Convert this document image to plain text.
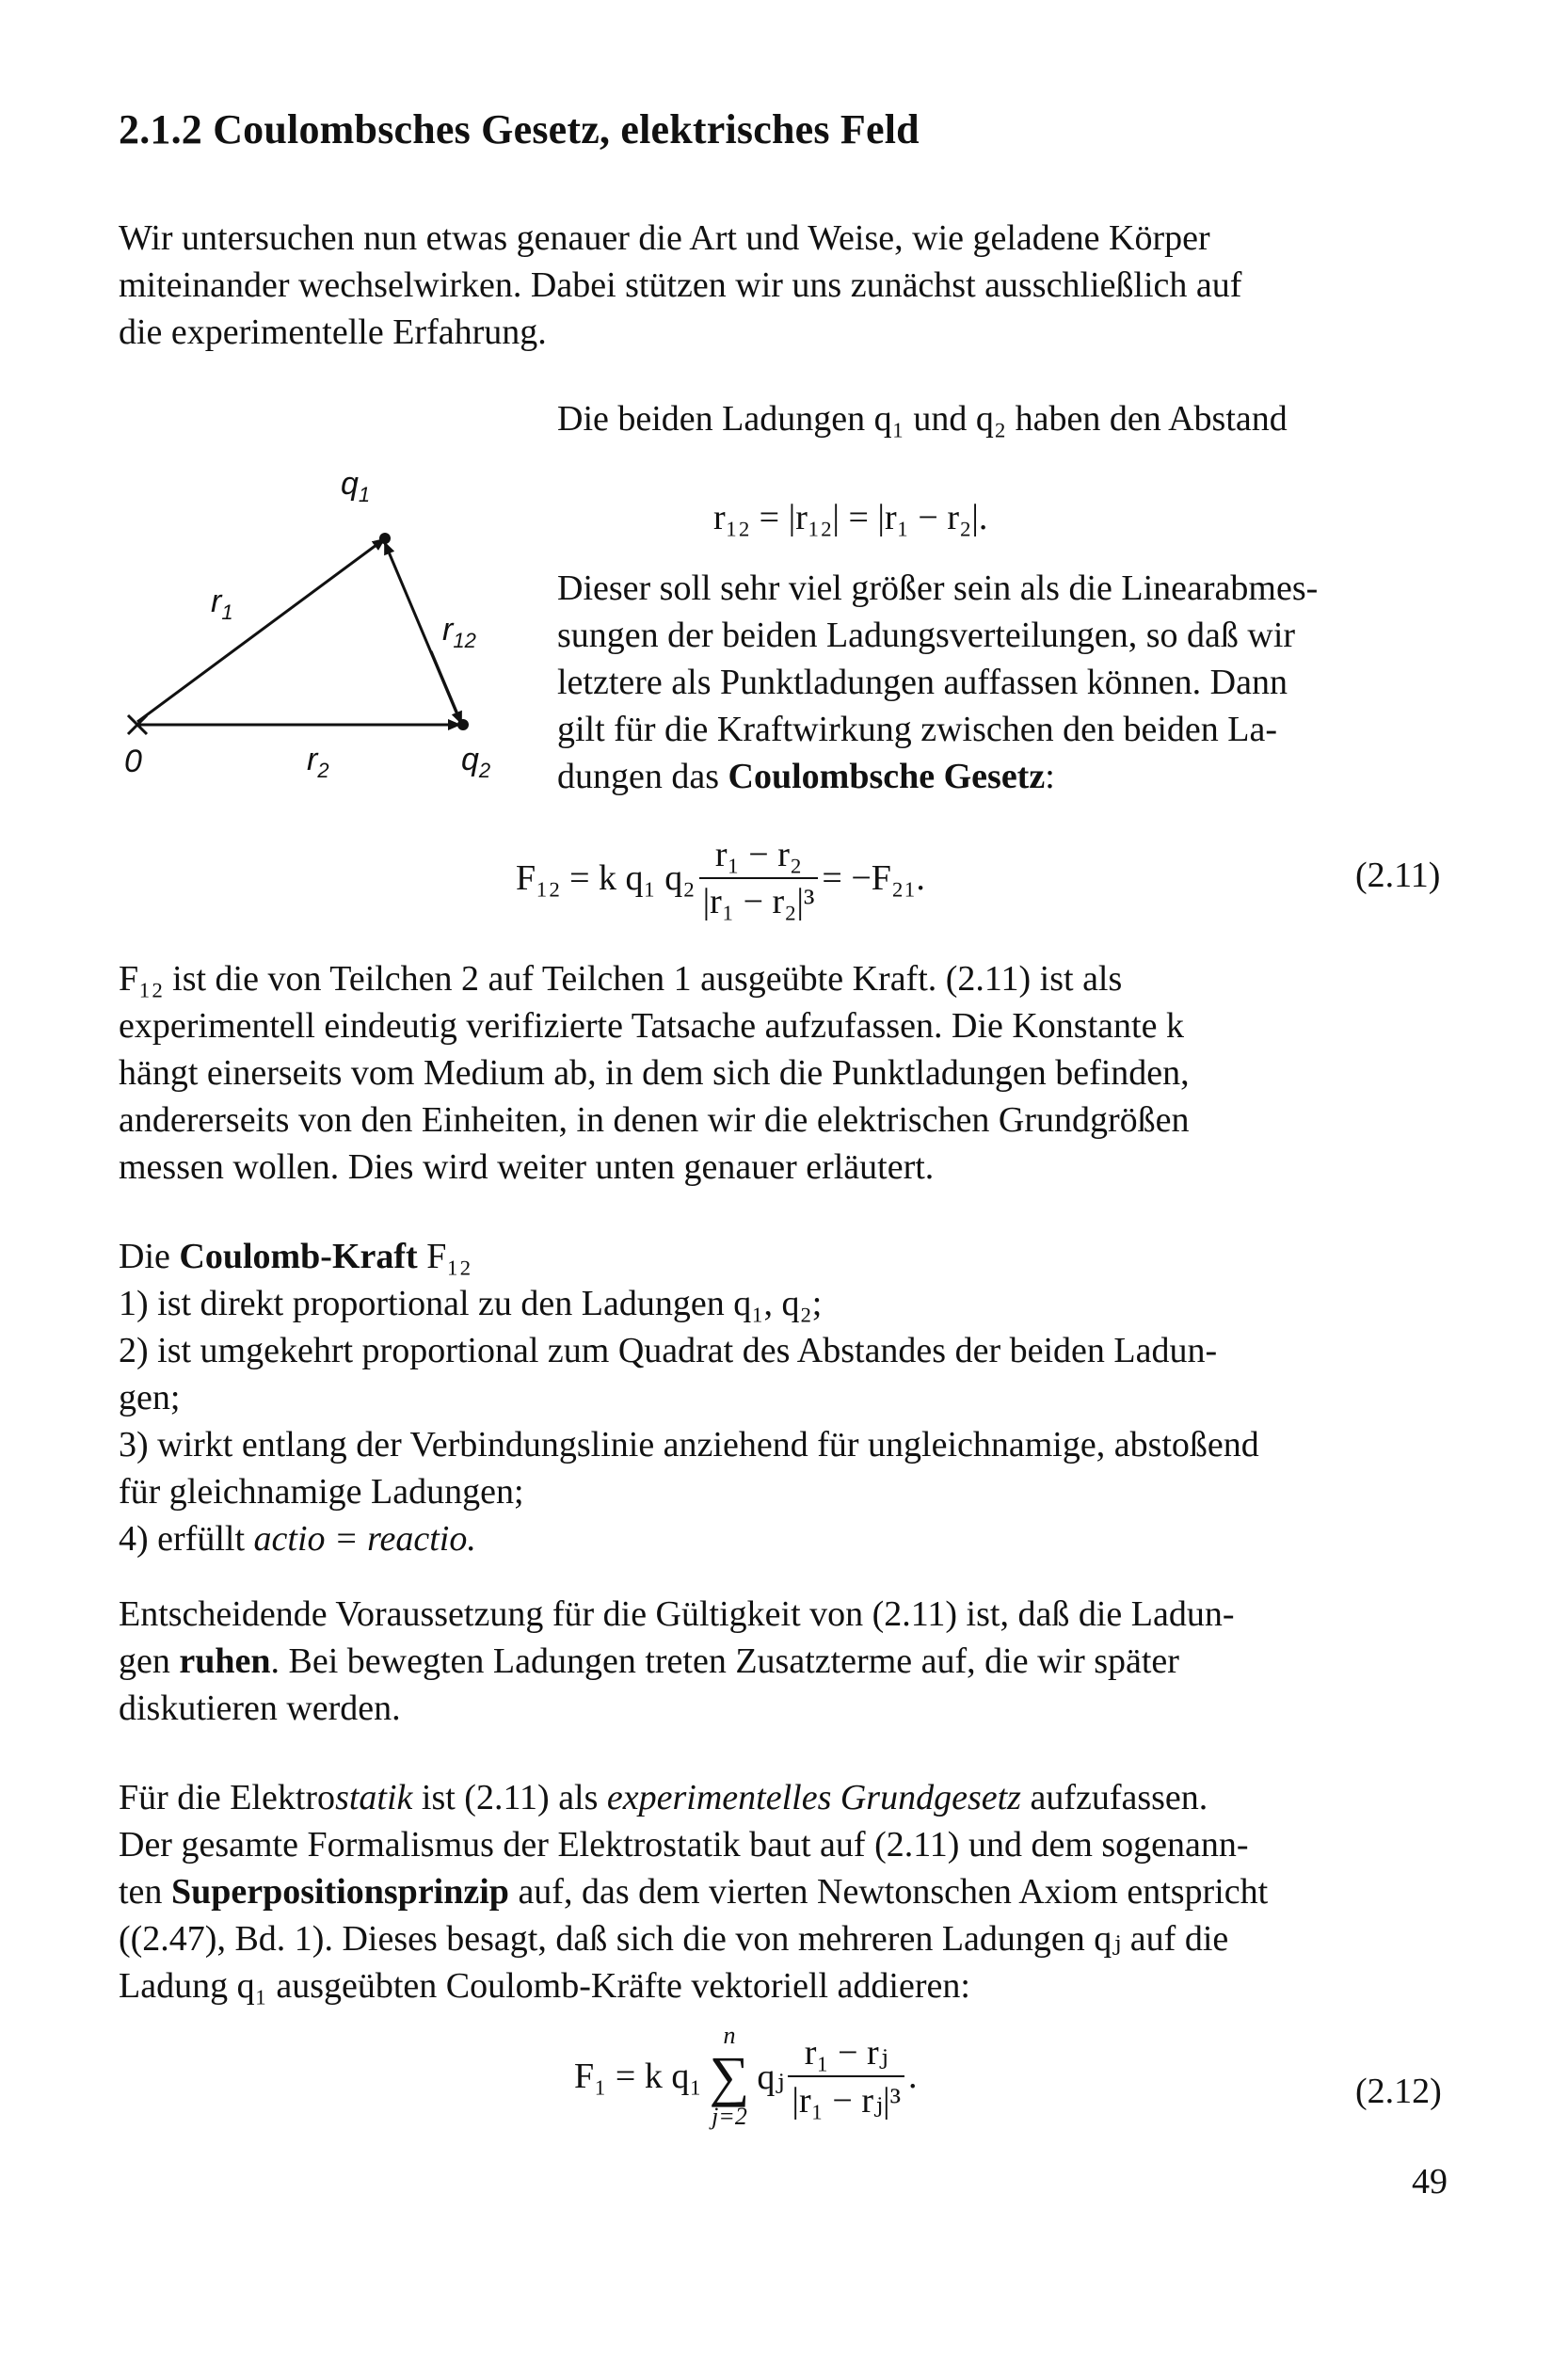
2.1.2 Coulombsches Gesetz, elektrisches Feld
Wir untersuchen nun etwas genauer die Art und Weise, wie geladene Körper
miteinander wechselwirken. Dabei stützen wir uns zunächst ausschließlich auf
die experimentelle Erfahrung.
$q_1$
$r_1$	$r_{12}$
0	$r_2$	$q_2$
Die beiden Ladungen q₁ und q₂ haben den Abstand
r₁₂ = |r₁₂| = |r₁ − r₂|.
Dieser soll sehr viel größer sein als die Linearabmes-
sungen der beiden Ladungsverteilungen, so daß wir
letztere als Punktladungen auffassen können. Dann
gilt für die Kraftwirkung zwischen den beiden La-
dungen das Coulombsche Gesetz:
F₁₂ = k q₁ $q_2 \frac{\text{r₁ − r₂}}{\text{|r₁ − r₂|³}} = -F_{21}$.	(2.11)
F₁₂ ist die von Teilchen 2 auf Teilchen 1 ausgeübte Kraft. (2.11) ist als
experimentell eindeutig verifizierte Tatsache aufzufassen. Die Konstante k
hängt einerseits vom Medium ab, in dem sich die Punktladungen befinden,
andererseits von den Einheiten, in denen wir die elektrischen Grundgrößen
messen wollen. Dies wird weiter unten genauer erläutert.
Die Coulomb-Kraft F₁₂
1) ist direkt proportional zu den Ladungen q₁, q₂;
2) ist umgekehrt proportional zum Quadrat des Abstandes der beiden Ladun-
gen;
3) wirkt entlang der Verbindungslinie anziehend für ungleichnamige, abstoßend
für gleichnamige Ladungen;
4) erfüllt actio = reactio.
Entscheidende Voraussetzung für die Gültigkeit von (2.11) ist, daß die Ladun-
gen ruhen. Bei bewegten Ladungen treten Zusatzterme auf, die wir später
diskutieren werden.
Für die Elektrostatik ist (2.11) als experimentelles Grundgesetz aufzufassen.
Der gesamte Formalismus der Elektrostatik baut auf (2.11) und dem sogenann-
ten Superpositionsprinzip auf, das dem vierten Newtonschen Axiom entspricht
((2.47), Bd. 1). Dieses besagt, daß sich die von mehreren Ladungen qⱼ auf die
Ladung q₁ ausgeübten Coulomb-Kräfte vektoriell addieren:
F₁ = k q₁
n
∑
j=2
qⱼ $\frac{\text{r₁ − rⱼ}}{\text{|r₁ − rⱼ|³}}$ .	(2.12)
49
